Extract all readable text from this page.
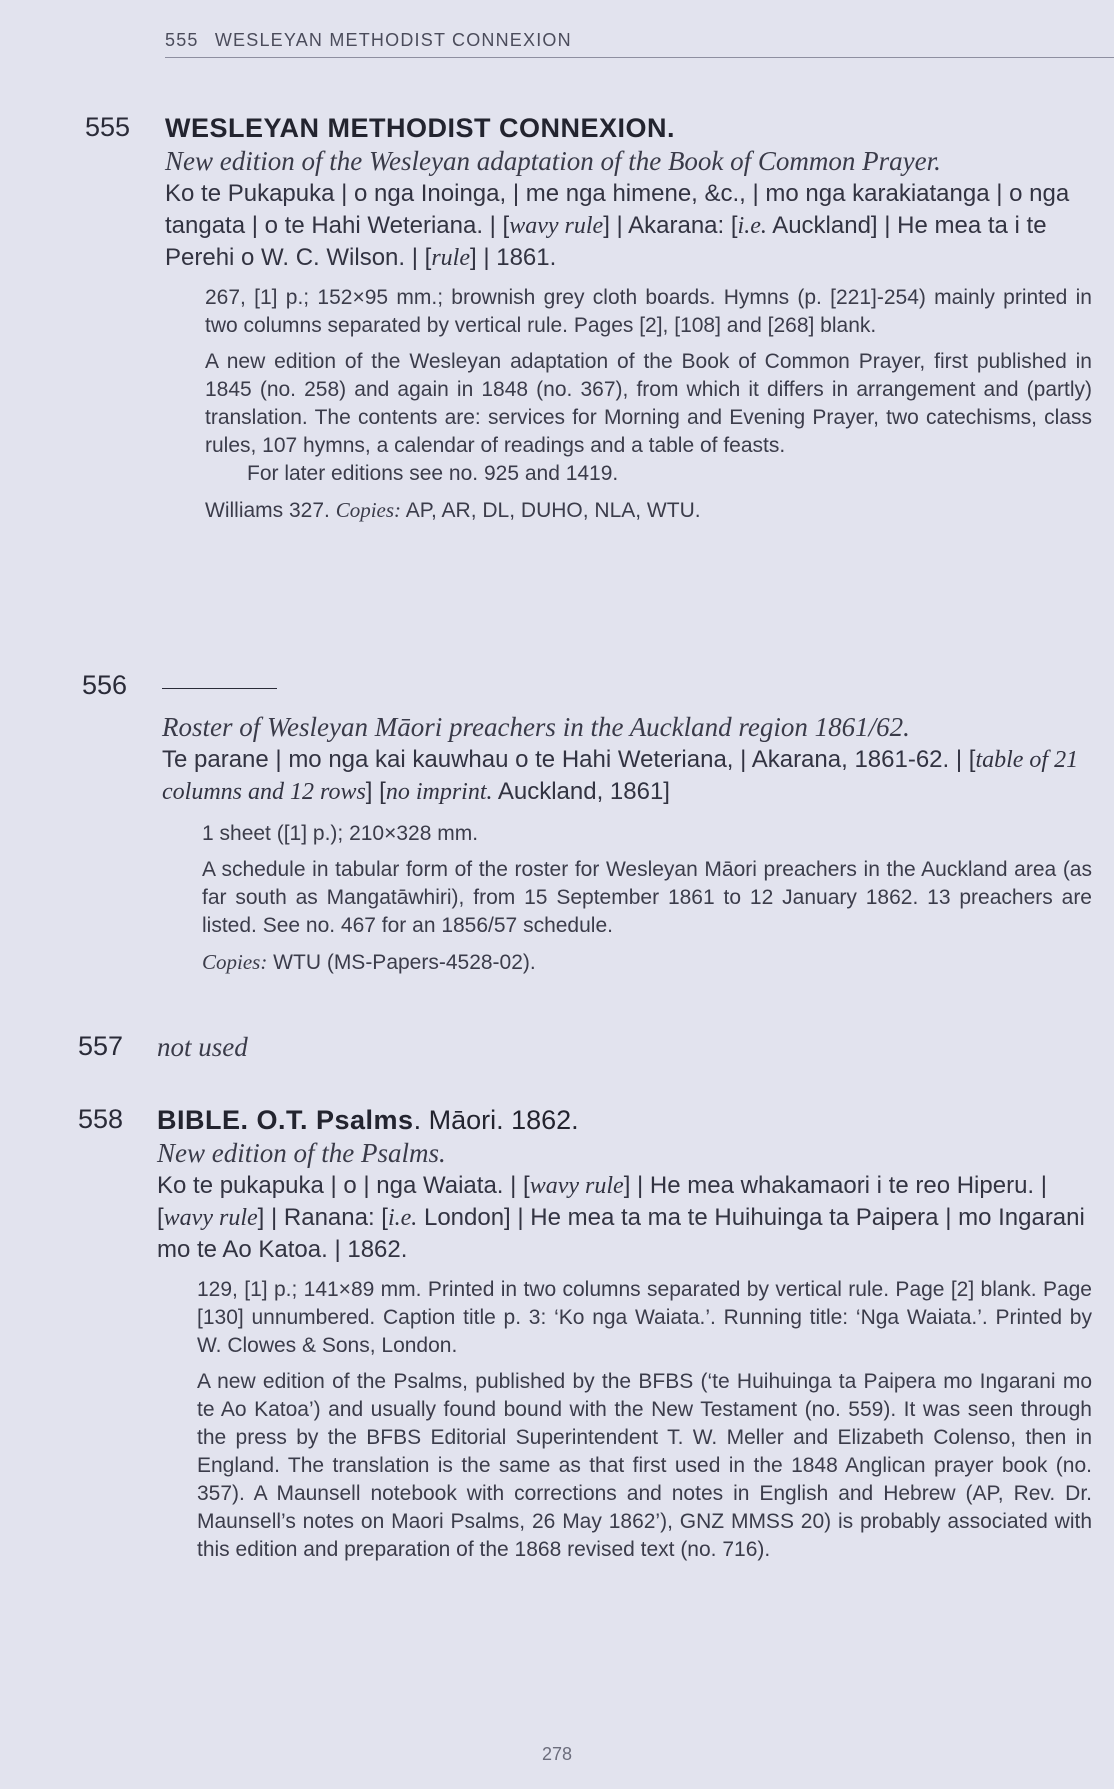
555 WESLEYAN METHODIST CONNEXION
555 WESLEYAN METHODIST CONNEXION.

New edition of the Wesleyan adaptation of the Book of Common Prayer.

Ko te Pukapuka | o nga Inoinga, | me nga himene, &c., | mo nga karakiatanga | o nga tangata | o te Hahi Weteriana. | [wavy rule] | Akarana: [i.e. Auckland] | He mea ta i te Perehi o W. C. Wilson. | [rule] | 1861.

267, [1] p.; 152×95 mm.; brownish grey cloth boards. Hymns (p. [221]-254) mainly printed in two columns separated by vertical rule. Pages [2], [108] and [268] blank.

A new edition of the Wesleyan adaptation of the Book of Common Prayer, first published in 1845 (no. 258) and again in 1848 (no. 367), from which it differs in arrangement and (partly) translation. The contents are: services for Morning and Evening Prayer, two catechisms, class rules, 107 hymns, a calendar of readings and a table of feasts.

For later editions see no. 925 and 1419.

Williams 327. Copies: AP, AR, DL, DUHO, NLA, WTU.

556

Roster of Wesleyan Māori preachers in the Auckland region 1861/62.

Te parane | mo nga kai kauwhau o te Hahi Weteriana, | Akarana, 1861-62. | [table of 21 columns and 12 rows] [no imprint. Auckland, 1861]

1 sheet ([1] p.); 210×328 mm.

A schedule in tabular form of the roster for Wesleyan Māori preachers in the Auckland area (as far south as Mangatāwhiri), from 15 September 1861 to 12 January 1862. 13 preachers are listed. See no. 467 for an 1856/57 schedule.

Copies: WTU (MS-Papers-4528-02).

557 not used
558 BIBLE. O.T. Psalms. Māori. 1862.

New edition of the Psalms.

Ko te pukapuka | o | nga Waiata. | [wavy rule] | He mea whakamaori i te reo Hiperu. | [wavy rule] | Ranana: [i.e. London] | He mea ta ma te Huihuinga ta Paipera | mo Ingarani mo te Ao Katoa. | 1862.

129, [1] p.; 141×89 mm. Printed in two columns separated by vertical rule. Page [2] blank. Page [130] unnumbered. Caption title p. 3: ‘Ko nga Waiata.’. Running title: ‘Nga Waiata.’. Printed by W. Clowes & Sons, London.

A new edition of the Psalms, published by the BFBS (‘te Huihuinga ta Paipera mo Ingarani mo te Ao Katoa’) and usually found bound with the New Testament (no. 559). It was seen through the press by the BFBS Editorial Superintendent T. W. Meller and Elizabeth Colenso, then in England. The translation is the same as that first used in the 1848 Anglican prayer book (no. 357). A Maunsell notebook with corrections and notes in English and Hebrew (AP, Rev. Dr. Maunsell’s notes on Maori Psalms, 26 May 1862’), GNZ MMSS 20) is probably associated with this edition and preparation of the 1868 revised text (no. 716).

278
